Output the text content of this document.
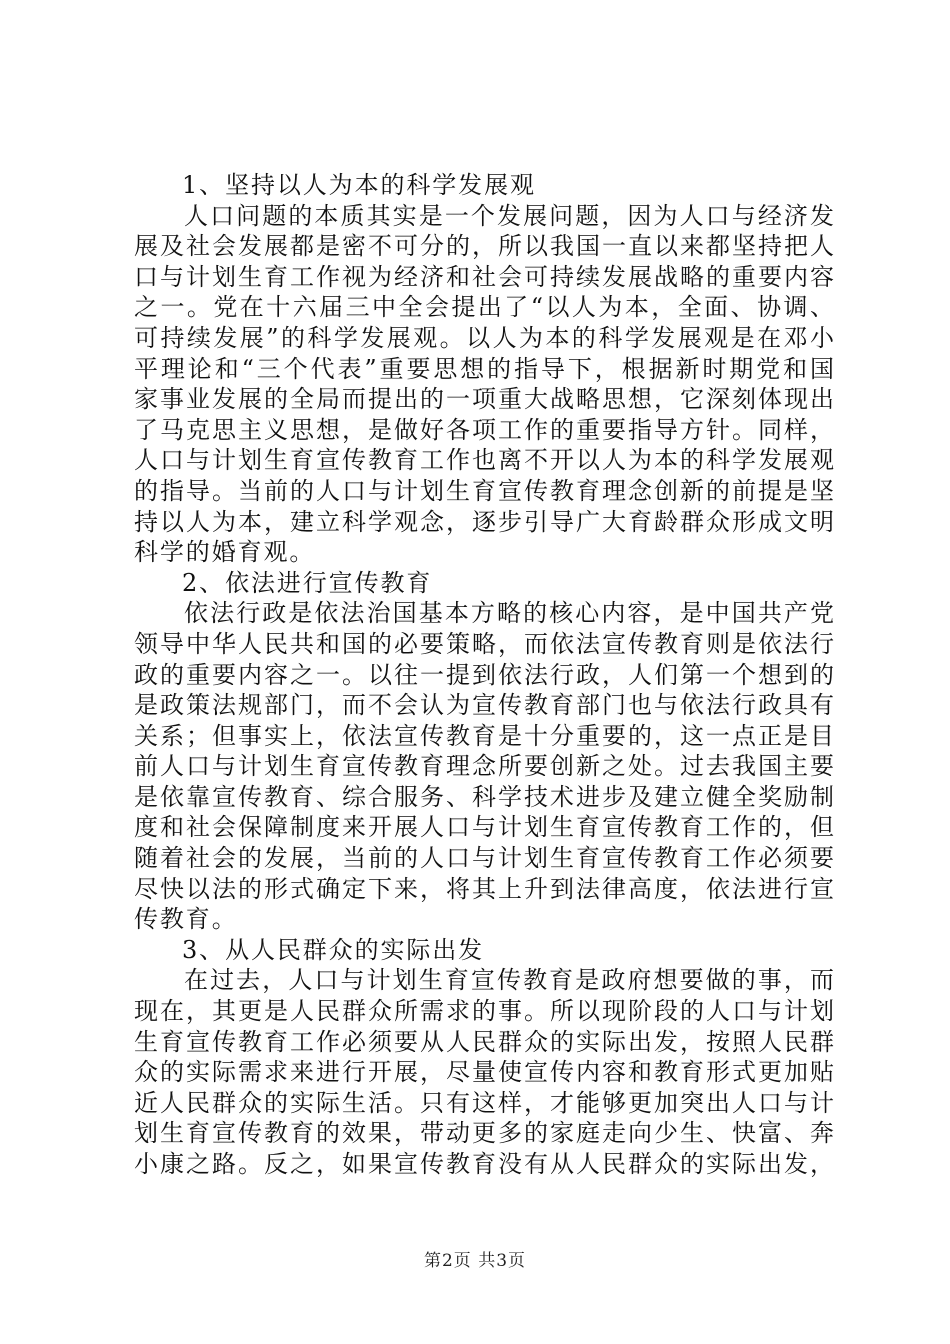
1、坚持以人为本的科学发展观
人口问题的本质其实是一个发展问题，因为人口与经济发
展及社会发展都是密不可分的，所以我国一直以来都坚持把人
口与计划生育工作视为经济和社会可持续发展战略的重要内容
之一。党在十六届三中全会提出了“以人为本，全面、协调、
可持续发展”的科学发展观。以人为本的科学发展观是在邓小
平理论和“三个代表”重要思想的指导下，根据新时期党和国
家事业发展的全局而提出的一项重大战略思想，它深刻体现出
了马克思主义思想，是做好各项工作的重要指导方针。同样，
人口与计划生育宣传教育工作也离不开以人为本的科学发展观
的指导。当前的人口与计划生育宣传教育理念创新的前提是坚
持以人为本，建立科学观念，逐步引导广大育龄群众形成文明
科学的婚育观。
2、依法进行宣传教育
依法行政是依法治国基本方略的核心内容，是中国共产党
领导中华人民共和国的必要策略，而依法宣传教育则是依法行
政的重要内容之一。以往一提到依法行政，人们第一个想到的
是政策法规部门，而不会认为宣传教育部门也与依法行政具有
关系；但事实上，依法宣传教育是十分重要的，这一点正是目
前人口与计划生育宣传教育理念所要创新之处。过去我国主要
是依靠宣传教育、综合服务、科学技术进步及建立健全奖励制
度和社会保障制度来开展人口与计划生育宣传教育工作的，但
随着社会的发展，当前的人口与计划生育宣传教育工作必须要
尽快以法的形式确定下来，将其上升到法律高度，依法进行宣
传教育。
3、从人民群众的实际出发
在过去，人口与计划生育宣传教育是政府想要做的事，而
现在，其更是人民群众所需求的事。所以现阶段的人口与计划
生育宣传教育工作必须要从人民群众的实际出发，按照人民群
众的实际需求来进行开展，尽量使宣传内容和教育形式更加贴
近人民群众的实际生活。只有这样，才能够更加突出人口与计
划生育宣传教育的效果，带动更多的家庭走向少生、快富、奔
小康之路。反之，如果宣传教育没有从人民群众的实际出发，
第2页 共3页
